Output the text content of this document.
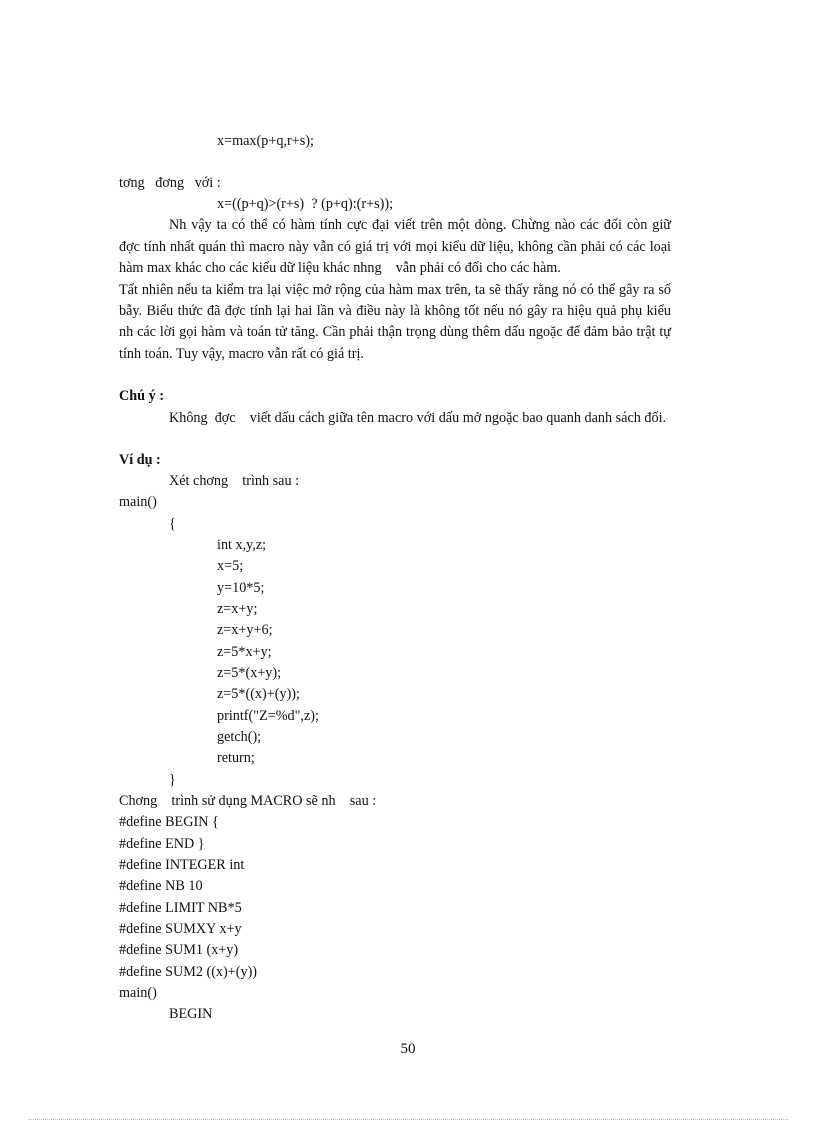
x=max(p+q,r+s);
tơng   đơng   với :
x=((p+q)>(r+s)  ? (p+q):(r+s));
Nh vậy ta có thể có hàm tính cực đại viết trên một dòng. Chừng nào các đối còn giữ
đợc tính nhất quán thì macro này vẫn có giá trị với mọi kiểu dữ liệu, không cần phải có các loại
hàm max khác cho các kiểu dữ liệu khác nhng    vẫn phải có đối cho các hàm.
Tất nhiên nếu ta kiểm tra lại việc mở rộng của hàm max trên, ta sẽ thấy rằng nó có thể gây ra số
bẫy. Biểu thức đã đợc tính lại hai lần và điều này là không tốt nếu nó gây ra hiệu quả phụ kiểu
nh các lời gọi hàm và toán tử tăng. Cần phải thận trọng dùng thêm dấu ngoặc để đảm bảo trật tự
tính toán. Tuy vậy, macro vẫn rất có giá trị.
Chú ý :
Không  đợc    viết dấu cách giữa tên macro với dấu mở ngoặc bao quanh danh sách đối.
Ví dụ :
Xét chơng    trình sau :
main()
{
int x,y,z;
x=5;
y=10*5;
z=x+y;
z=x+y+6;
z=5*x+y;
z=5*(x+y);
z=5*((x)+(y));
printf("Z=%d",z);
getch();
return;
}
Chơng    trình sử dụng MACRO sẽ nh    sau :
#define BEGIN {
#define END }
#define INTEGER int
#define NB 10
#define LIMIT NB*5
#define SUMXY x+y
#define SUM1 (x+y)
#define SUM2 ((x)+(y))
main()
BEGIN
50
